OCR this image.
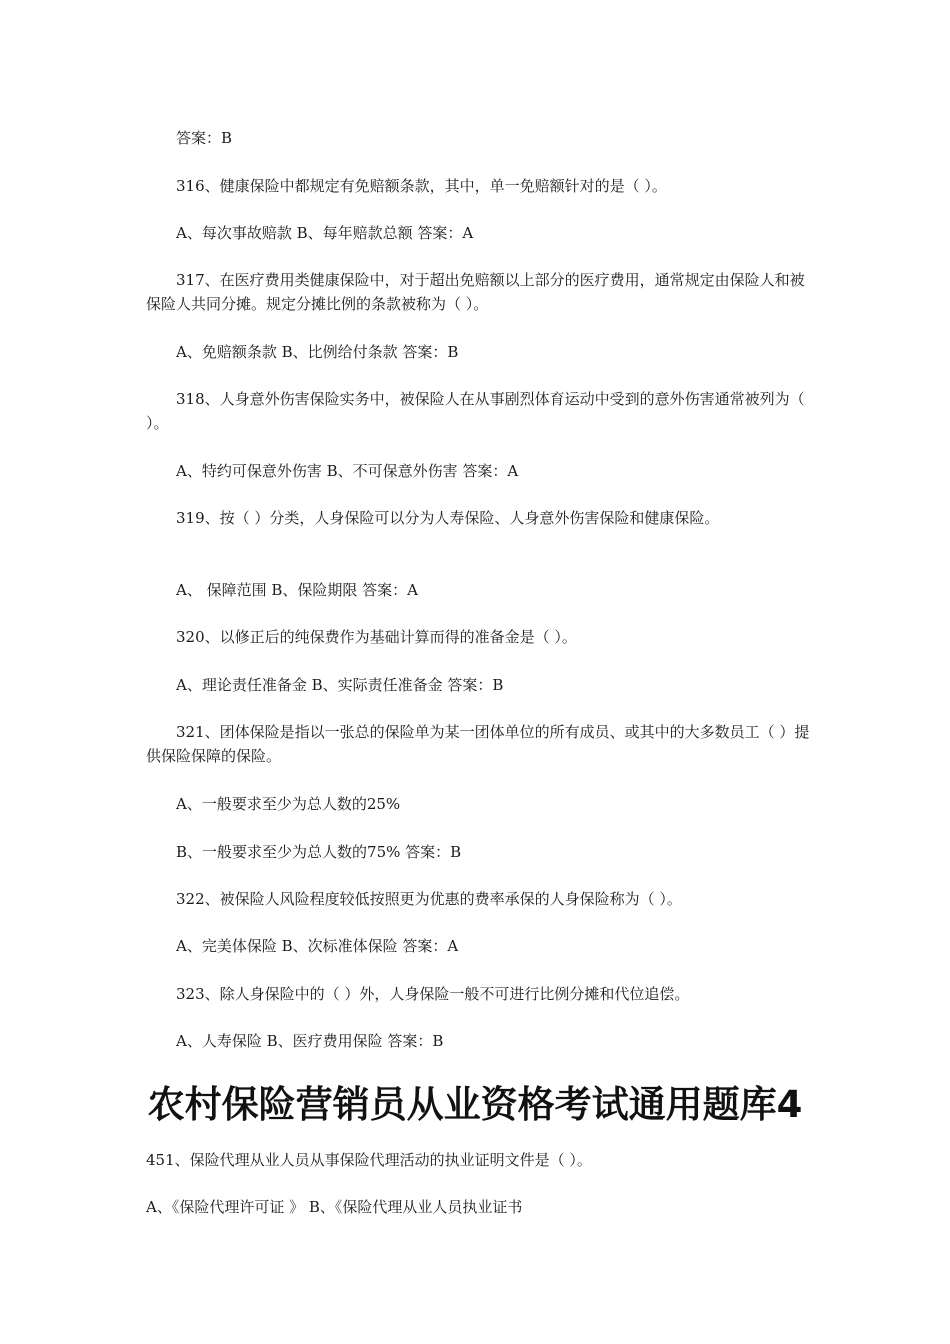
答案：B
316、健康保险中都规定有免赔额条款，其中，单一免赔额针对的是（ ）。
A、每次事故赔款 B、每年赔款总额 答案：A
317、在医疗费用类健康保险中，对于超出免赔额以上部分的医疗费用，通常规定由保险人和被保险人共同分摊。规定分摊比例的条款被称为（ ）。
A、免赔额条款 B、比例给付条款 答案：B
318、人身意外伤害保险实务中，被保险人在从事剧烈体育运动中受到的意外伤害通常被列为（ ）。
A、特约可保意外伤害 B、不可保意外伤害 答案：A
319、按（ ）分类，人身保险可以分为人寿保险、人身意外伤害保险和健康保险。
A、 保障范围 B、保险期限 答案：A
320、以修正后的纯保费作为基础计算而得的准备金是（ ）。
A、理论责任准备金 B、实际责任准备金 答案：B
321、团体保险是指以一张总的保险单为某一团体单位的所有成员、或其中的大多数员工（ ）提供保险保障的保险。
A、一般要求至少为总人数的25%
B、一般要求至少为总人数的75% 答案：B
322、被保险人风险程度较低按照更为优惠的费率承保的人身保险称为（ ）。
A、完美体保险 B、次标准体保险 答案：A
323、除人身保险中的（ ）外，人身保险一般不可进行比例分摊和代位追偿。
A、人寿保险 B、医疗费用保险 答案：B
农村保险营销员从业资格考试通用题库4
451、保险代理从业人员从事保险代理活动的执业证明文件是（ ）。
A、《保险代理许可证 》 B、《保险代理从业人员执业证书
